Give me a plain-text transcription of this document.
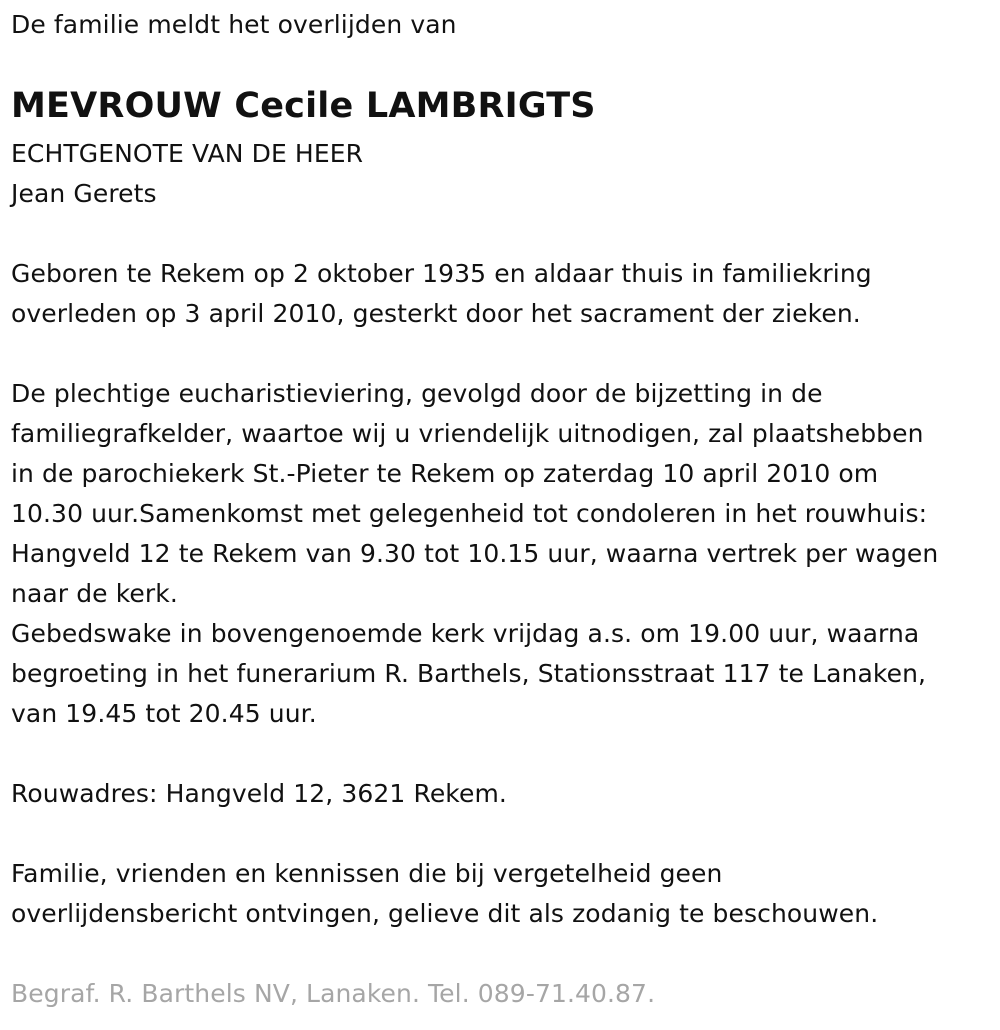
De familie meldt het overlijden van
MEVROUW Cecile LAMBRIGTS
ECHTGENOTE VAN DE HEER
Jean Gerets
Geboren te Rekem op 2 oktober 1935 en aldaar thuis in familiekring
overleden op 3 april 2010, gesterkt door het sacrament der zieken.
De plechtige eucharistieviering, gevolgd door de bijzetting in de
familiegrafkelder, waartoe wij u vriendelijk uitnodigen, zal plaatshebben
in de parochiekerk St.-Pieter te Rekem op zaterdag 10 april 2010 om
10.30 uur.Samenkomst met gelegenheid tot condoleren in het rouwhuis:
Hangveld 12 te Rekem van 9.30 tot 10.15 uur, waarna vertrek per wagen
naar de kerk.
Gebedswake in bovengenoemde kerk vrijdag a.s. om 19.00 uur, waarna
begroeting in het funerarium R. Barthels, Stationsstraat 117 te Lanaken,
van 19.45 tot 20.45 uur.
Rouwadres: Hangveld 12, 3621 Rekem.
Familie, vrienden en kennissen die bij vergetelheid geen
overlijdensbericht ontvingen, gelieve dit als zodanig te beschouwen.
Begraf. R. Barthels NV, Lanaken. Tel. 089-71.40.87.
